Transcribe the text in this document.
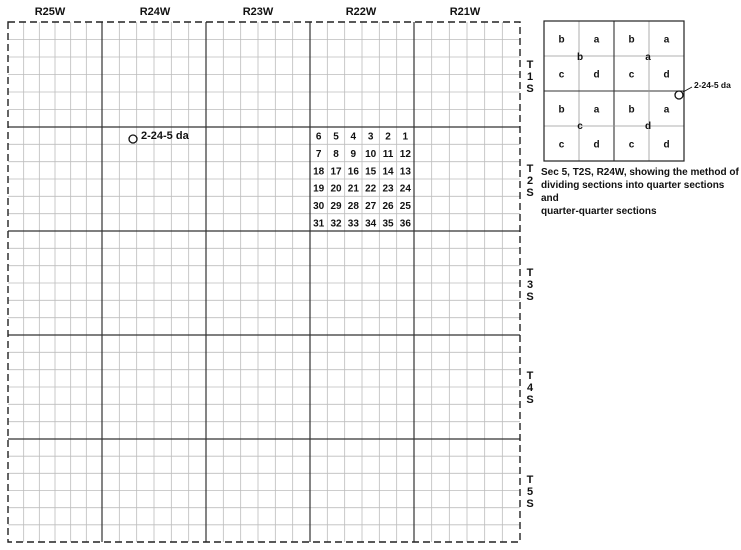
R25W	R24W	R23W	R22W	R21W
T
1
S
T
2
S
T
3
S
T
4
S
T
5
S
6 5 4 3 2 1
7 8 9 10 11 12
18 17 16 15 14 13
19 20 21 22 23 24
30 29 28 27 26 25
31 32 33 34 35 36
2-24-5 da
b	a	b	a
c	d	c	d
b	a	b	a
c	d	c	d
b	a
c	d
2-24-5 da
Sec 5, T2S, R24W, showing the method of
dividing sections into quarter sections and
quarter-quarter sections
